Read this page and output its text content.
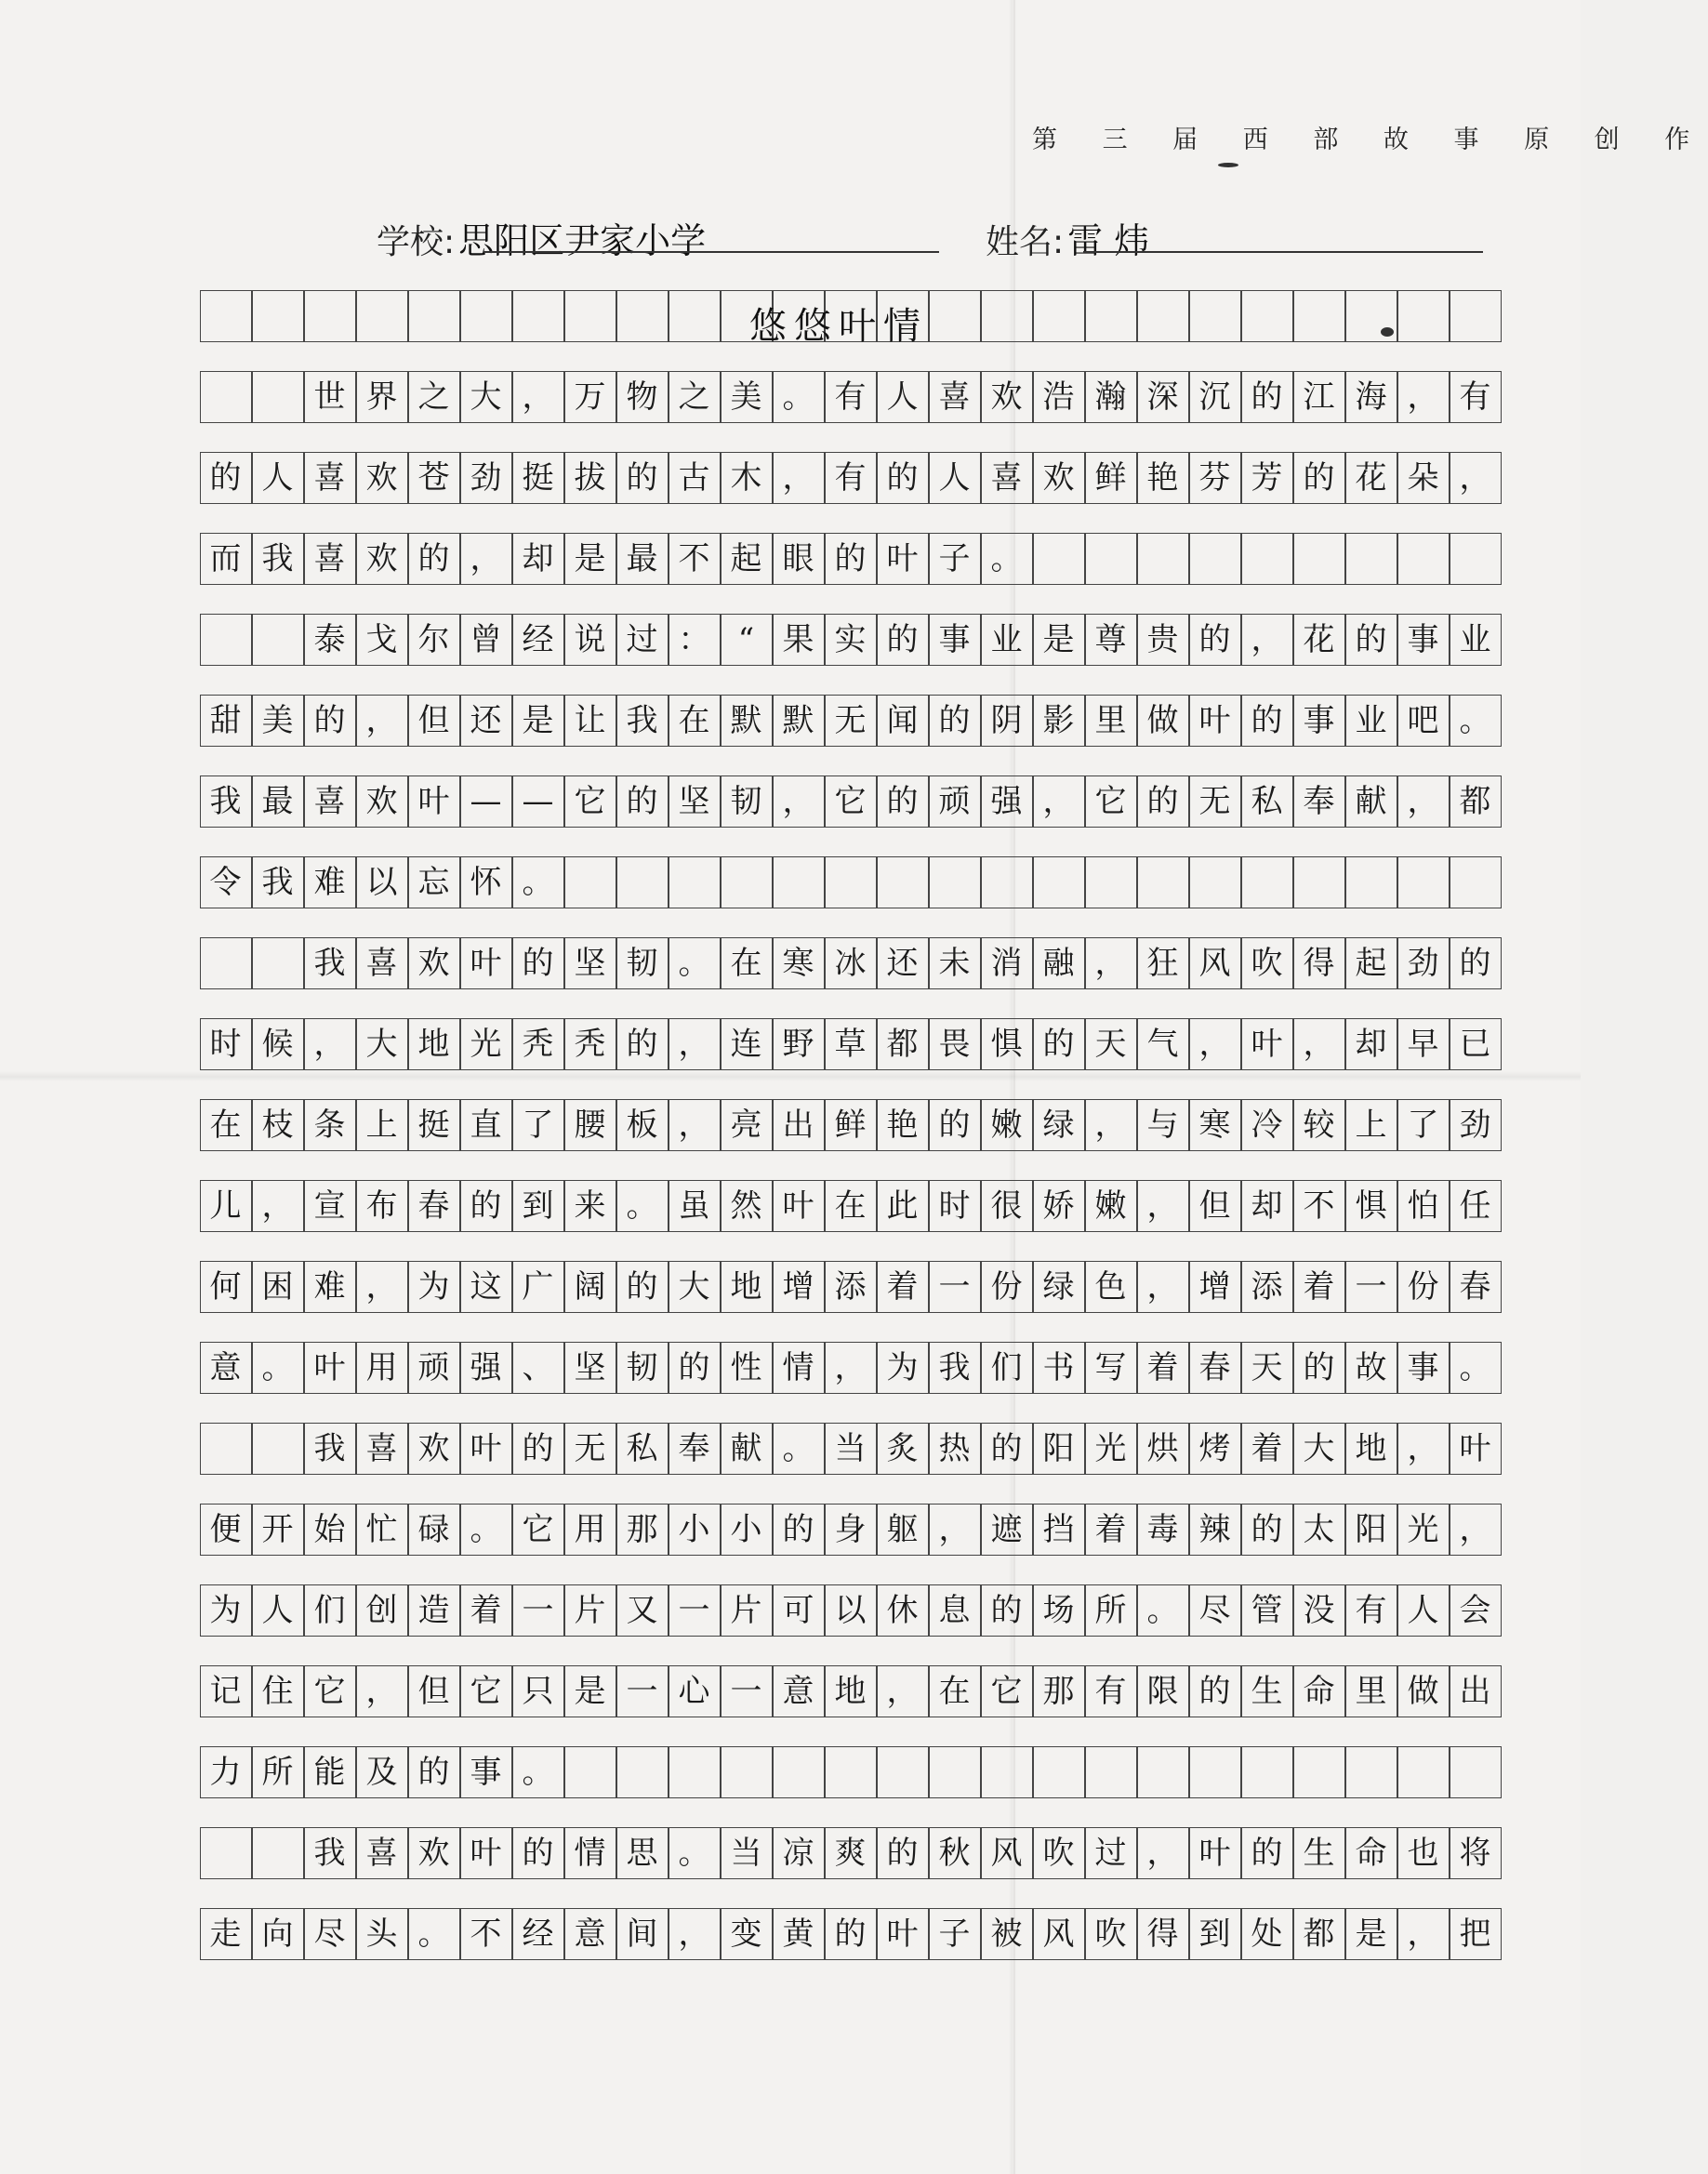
第 三 届 西 部 故 事 原 创 作
学校: 思阳区尹家小学	姓名: 雷 炜
悠悠叶情
世 界 之 大 ， 万 物 之 美 。 有 人 喜 欢 浩 瀚 深 沉 的 江 海 ， 有
的 人 喜 欢 苍 劲 挺 拔 的 古 木 ， 有 的 人 喜 欢 鲜 艳 芬 芳 的 花 朵 ，
而 我 喜 欢 的 ， 却 是 最 不 起 眼 的 叶 子 。
泰 戈 尔 曾 经 说 过 ： “ 果 实 的 事 业 是 尊 贵 的 ， 花 的 事 业
甜 美 的 ， 但 还 是 让 我 在 默 默 无 闻 的 阴 影 里 做 叶 的 事 业 吧 。
我 最 喜 欢 叶 — — 它 的 坚 韧 ， 它 的 顽 强 ， 它 的 无 私 奉 献 ， 都
令 我 难 以 忘 怀 。
我 喜 欢 叶 的 坚 韧 。 在 寒 冰 还 未 消 融 ， 狂 风 吹 得 起 劲 的
时 候 ， 大 地 光 秃 秃 的 ， 连 野 草 都 畏 惧 的 天 气 ， 叶 ， 却 早 已
在 枝 条 上 挺 直 了 腰 板 ， 亮 出 鲜 艳 的 嫩 绿 ， 与 寒 冷 较 上 了 劲
儿 ， 宣 布 春 的 到 来 。 虽 然 叶 在 此 时 很 娇 嫩 ， 但 却 不 惧 怕 任
何 困 难 ， 为 这 广 阔 的 大 地 增 添 着 一 份 绿 色 ， 增 添 着 一 份 春
意 。 叶 用 顽 强 、 坚 韧 的 性 情 ， 为 我 们 书 写 着 春 天 的 故 事 。
我 喜 欢 叶 的 无 私 奉 献 。 当 炙 热 的 阳 光 烘 烤 着 大 地 ， 叶
便 开 始 忙 碌 。 它 用 那 小 小 的 身 躯 ， 遮 挡 着 毒 辣 的 太 阳 光 ，
为 人 们 创 造 着 一 片 又 一 片 可 以 休 息 的 场 所 。 尽 管 没 有 人 会
记 住 它 ， 但 它 只 是 一 心 一 意 地 ， 在 它 那 有 限 的 生 命 里 做 出
力 所 能 及 的 事 。
我 喜 欢 叶 的 情 思 。 当 凉 爽 的 秋 风 吹 过 ， 叶 的 生 命 也 将
走 向 尽 头 。 不 经 意 间 ， 变 黄 的 叶 子 被 风 吹 得 到 处 都 是 ， 把
